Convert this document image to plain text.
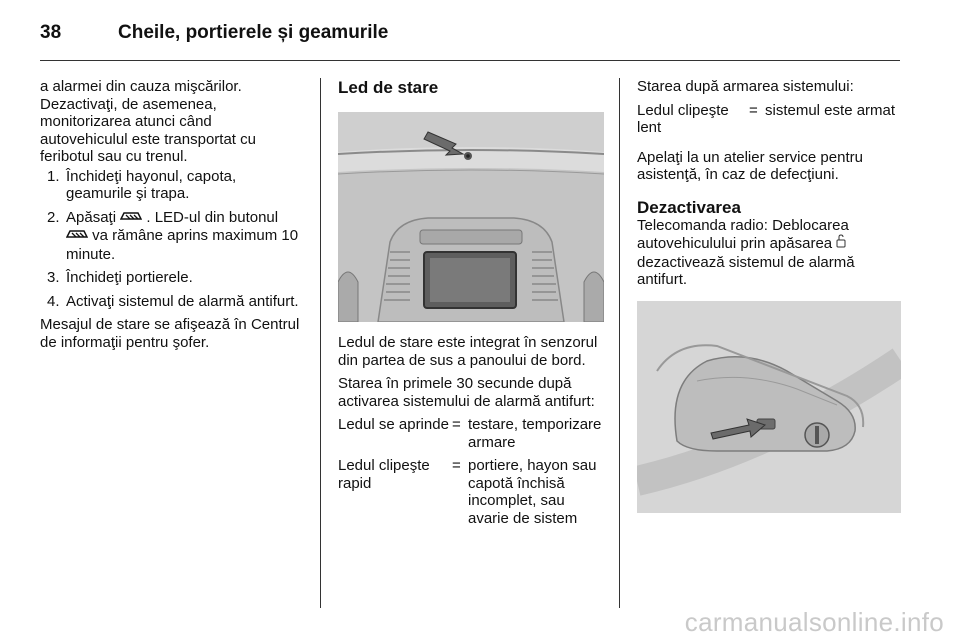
38	Cheile, portierele și geamurile

a alarmei din cauza mişcărilor. Dezactivaţi, de asemenea, monitorizarea atunci când autovehiculul este transportat cu feribotul sau cu trenul.

1. Închideţi hayonul, capota, geamurile şi trapa.
2. Apăsaţi . LED-ul din butonul  va rămâne aprins maximum 10 minute.
3. Închideţi portierele.
4. Activaţi sistemul de alarmă antifurt.

Mesajul de stare se afişează în Centrul de informaţii pentru şofer.

Led de stare

Ledul de stare este integrat în senzorul din partea de sus a panoului de bord.

Starea în primele 30 secunde după activarea sistemului de alarmă antifurt:

Ledul se aprinde = testare, temporizare armare
Ledul clipeşte rapid
= portiere, hayon sau capotă închisă incomplet, sau avarie de sistem

Starea după armarea sistemului:

Ledul clipeşte lent
= sistemul este armat

Apelaţi la un atelier service pentru asistenţă, în caz de defecţiuni.

Dezactivarea

Telecomanda radio: Deblocarea autovehiculului prin apăsarea  dezactivează sistemul de alarmă antifurt.

carmanualsonline.info
